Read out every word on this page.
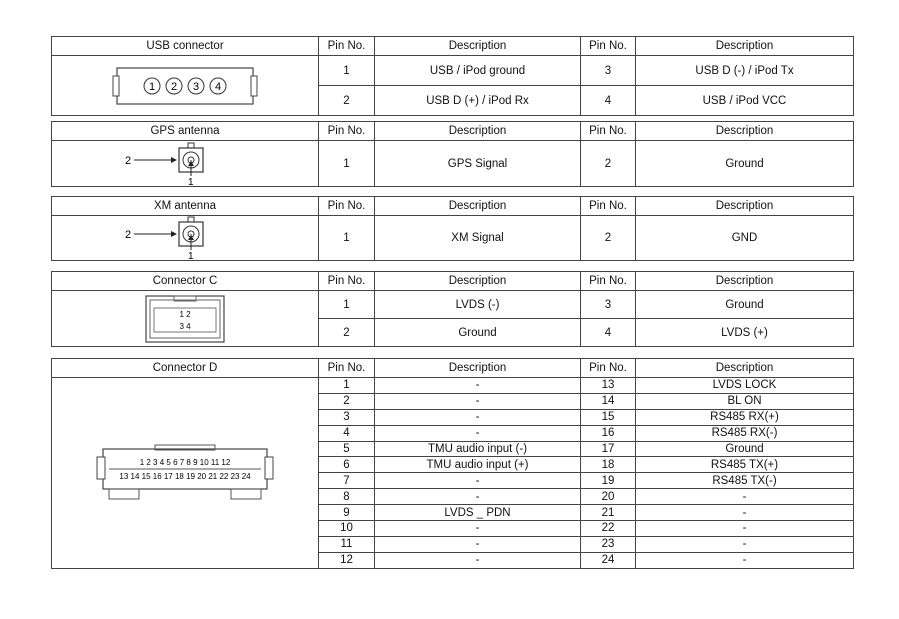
USB connector	Pin No.	Description	Pin No.	Description

1 2 3 4	1	USB / iPod ground	3	USB D (-) / iPod Tx
	2	USB D (+) / iPod Rx	4	USB / iPod VCC
GPS antenna	Pin No.	Description	Pin No.	Description

2
1	1	GPS Signal	2	Ground
XM antenna	Pin No.	Description	Pin No.	Description

2
1	1	XM Signal	2	GND
Connector C	Pin No.	Description	Pin No.	Description

1 2
3 4	1	LVDS (-)	3	Ground
	2	Ground	4	LVDS (+)
Connector D	Pin No.	Description	Pin No.	Description

1 2 3 4 5 6 7 8 9 10 11 12
13 14 15 16 17 18 19 20 21 22 23 24	1	-	13	LVDS LOCK
	2	-	14	BL ON
	3	-	15	RS485 RX(+)
	4	-	16	RS485 RX(-)
	5	TMU audio input (-)	17	Ground
	6	TMU audio input (+)	18	RS485 TX(+)
	7	-	19	RS485 TX(-)
	8	-	20	-
	9	LVDS _ PDN	21	-
	10	-	22	-
	11	-	23	-
	12	-	24	-
